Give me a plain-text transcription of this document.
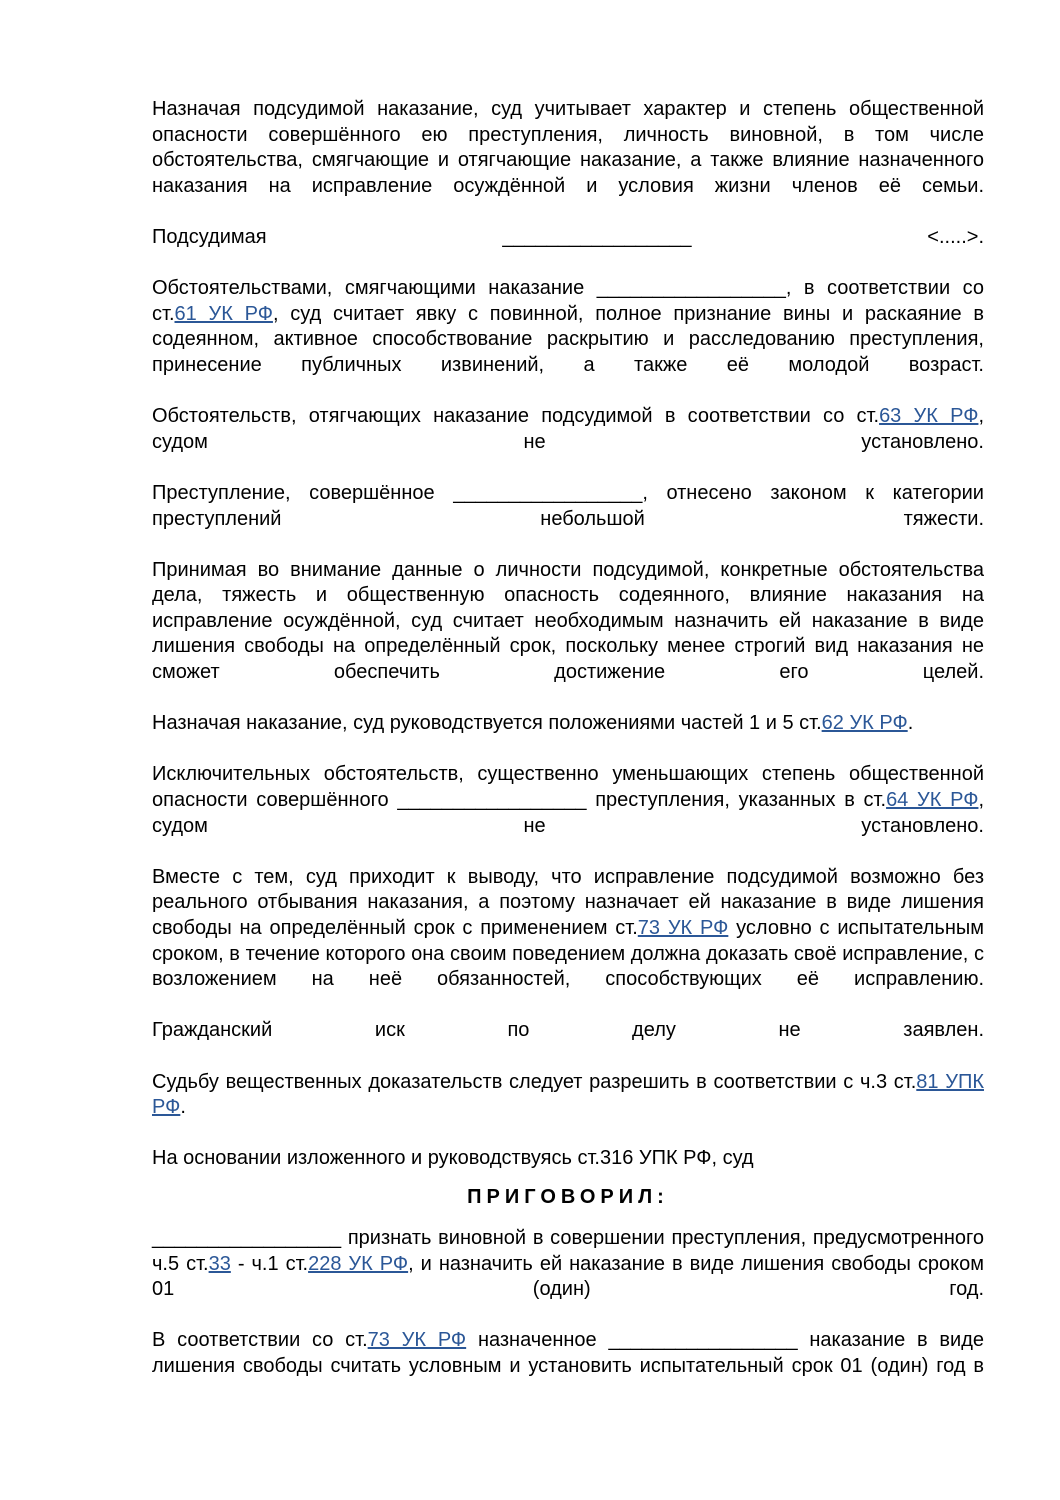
Назначая подсудимой наказание, суд учитывает характер и степень общественной опасности совершённого ею преступления, личность виновной, в том числе обстоятельства, смягчающие и отягчающие наказание, а также влияние назначенного наказания на исправление осуждённой и условия жизни членов её семьи.

Подсудимая	_________________	<.....>.

Обстоятельствами, смягчающими наказание _________________, в соответствии со ст.61 УК РФ, суд считает явку с повинной, полное признание вины и раскаяние в содеянном, активное способствование раскрытию и расследованию преступления, принесение публичных извинений, а также её молодой возраст.

Обстоятельств, отягчающих наказание подсудимой в соответствии со ст.63 УК РФ, судом не установлено.

Преступление, совершённое _________________, отнесено законом к категории преступлений небольшой тяжести.

Принимая во внимание данные о личности подсудимой, конкретные обстоятельства дела, тяжесть и общественную опасность содеянного, влияние наказания на исправление осуждённой, суд считает необходимым назначить ей наказание в виде лишения свободы на определённый срок, поскольку менее строгий вид наказания не сможет обеспечить достижение его целей.

Назначая наказание, суд руководствуется положениями частей 1 и 5 ст.62 УК РФ.

Исключительных обстоятельств, существенно уменьшающих степень общественной опасности совершённого _________________ преступления, указанных в ст.64 УК РФ, судом не установлено.

Вместе с тем, суд приходит к выводу, что исправление подсудимой возможно без реального отбывания наказания, а поэтому назначает ей наказание в виде лишения свободы на определённый срок с применением ст.73 УК РФ условно с испытательным сроком, в течение которого она своим поведением должна доказать своё исправление, с возложением на неё обязанностей, способствующих её исправлению.

Гражданский иск по делу не заявлен.

Судьбу вещественных доказательств следует разрешить в соответствии с ч.3 ст.81 УПК РФ.

На основании изложенного и руководствуясь ст.316 УПК РФ, суд

ПРИГОВОРИЛ:

_________________ признать виновной в совершении преступления, предусмотренного ч.5 ст.33 - ч.1 ст.228 УК РФ, и назначить ей наказание в виде лишения свободы сроком 01 (один) год.

В соответствии со ст.73 УК РФ назначенное _________________ наказание в виде лишения свободы считать условным и установить испытательный срок 01 (один) год в
